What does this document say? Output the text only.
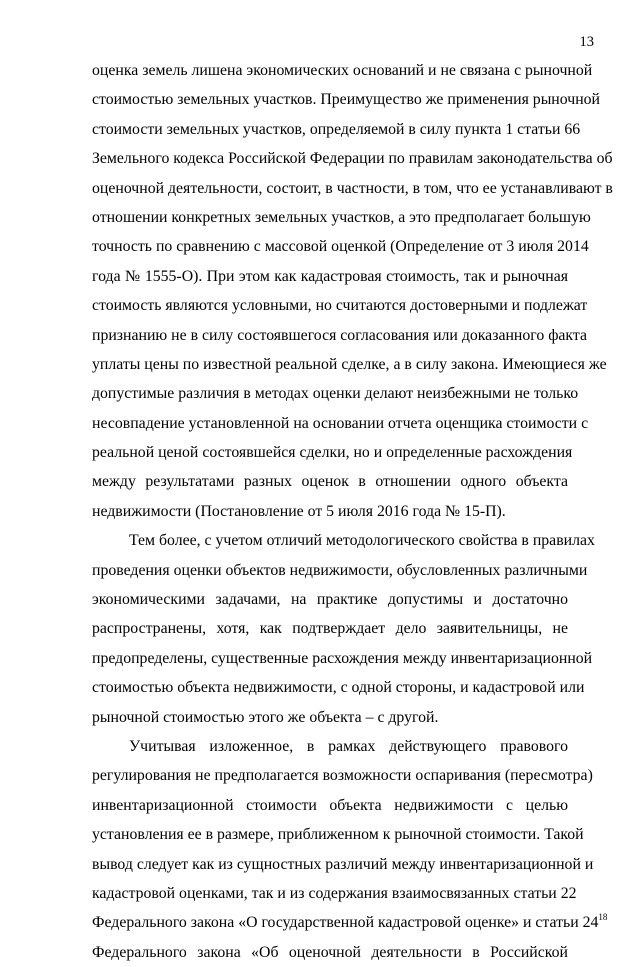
13
оценка земель лишена экономических оснований и не связана с рыночной
стоимостью земельных участков. Преимущество же применения рыночной
стоимости земельных участков, определяемой в силу пункта 1 статьи 66
Земельного кодекса Российской Федерации по правилам законодательства об
оценочной деятельности, состоит, в частности, в том, что ее устанавливают в
отношении конкретных земельных участков, а это предполагает большую
точность по сравнению с массовой оценкой (Определение от 3 июля 2014
года № 1555-О). При этом как кадастровая стоимость, так и рыночная
стоимость являются условными, но считаются достоверными и подлежат
признанию не в силу состоявшегося согласования или доказанного факта
уплаты цены по известной реальной сделке, а в силу закона. Имеющиеся же
допустимые различия в методах оценки делают неизбежными не только
несовпадение установленной на основании отчета оценщика стоимости с
реальной ценой состоявшейся сделки, но и определенные расхождения
между результатами разных оценок в отношении одного объекта
недвижимости (Постановление от 5 июля 2016 года № 15-П).
Тем более, с учетом отличий методологического свойства в правилах
проведения оценки объектов недвижимости, обусловленных различными
экономическими задачами, на практике допустимы и достаточно
распространены, хотя, как подтверждает дело заявительницы, не
предопределены, существенные расхождения между инвентаризационной
стоимостью объекта недвижимости, с одной стороны, и кадастровой или
рыночной стоимостью этого же объекта – с другой.
Учитывая изложенное, в рамках действующего правового
регулирования не предполагается возможности оспаривания (пересмотра)
инвентаризационной стоимости объекта недвижимости с целью
установления ее в размере, приближенном к рыночной стоимости. Такой
вывод следует как из сущностных различий между инвентаризационной и
кадастровой оценками, так и из содержания взаимосвязанных статьи 22
Федерального закона «О государственной кадастровой оценке» и статьи $24^{18}$
Федерального закона «Об оценочной деятельности в Российской
